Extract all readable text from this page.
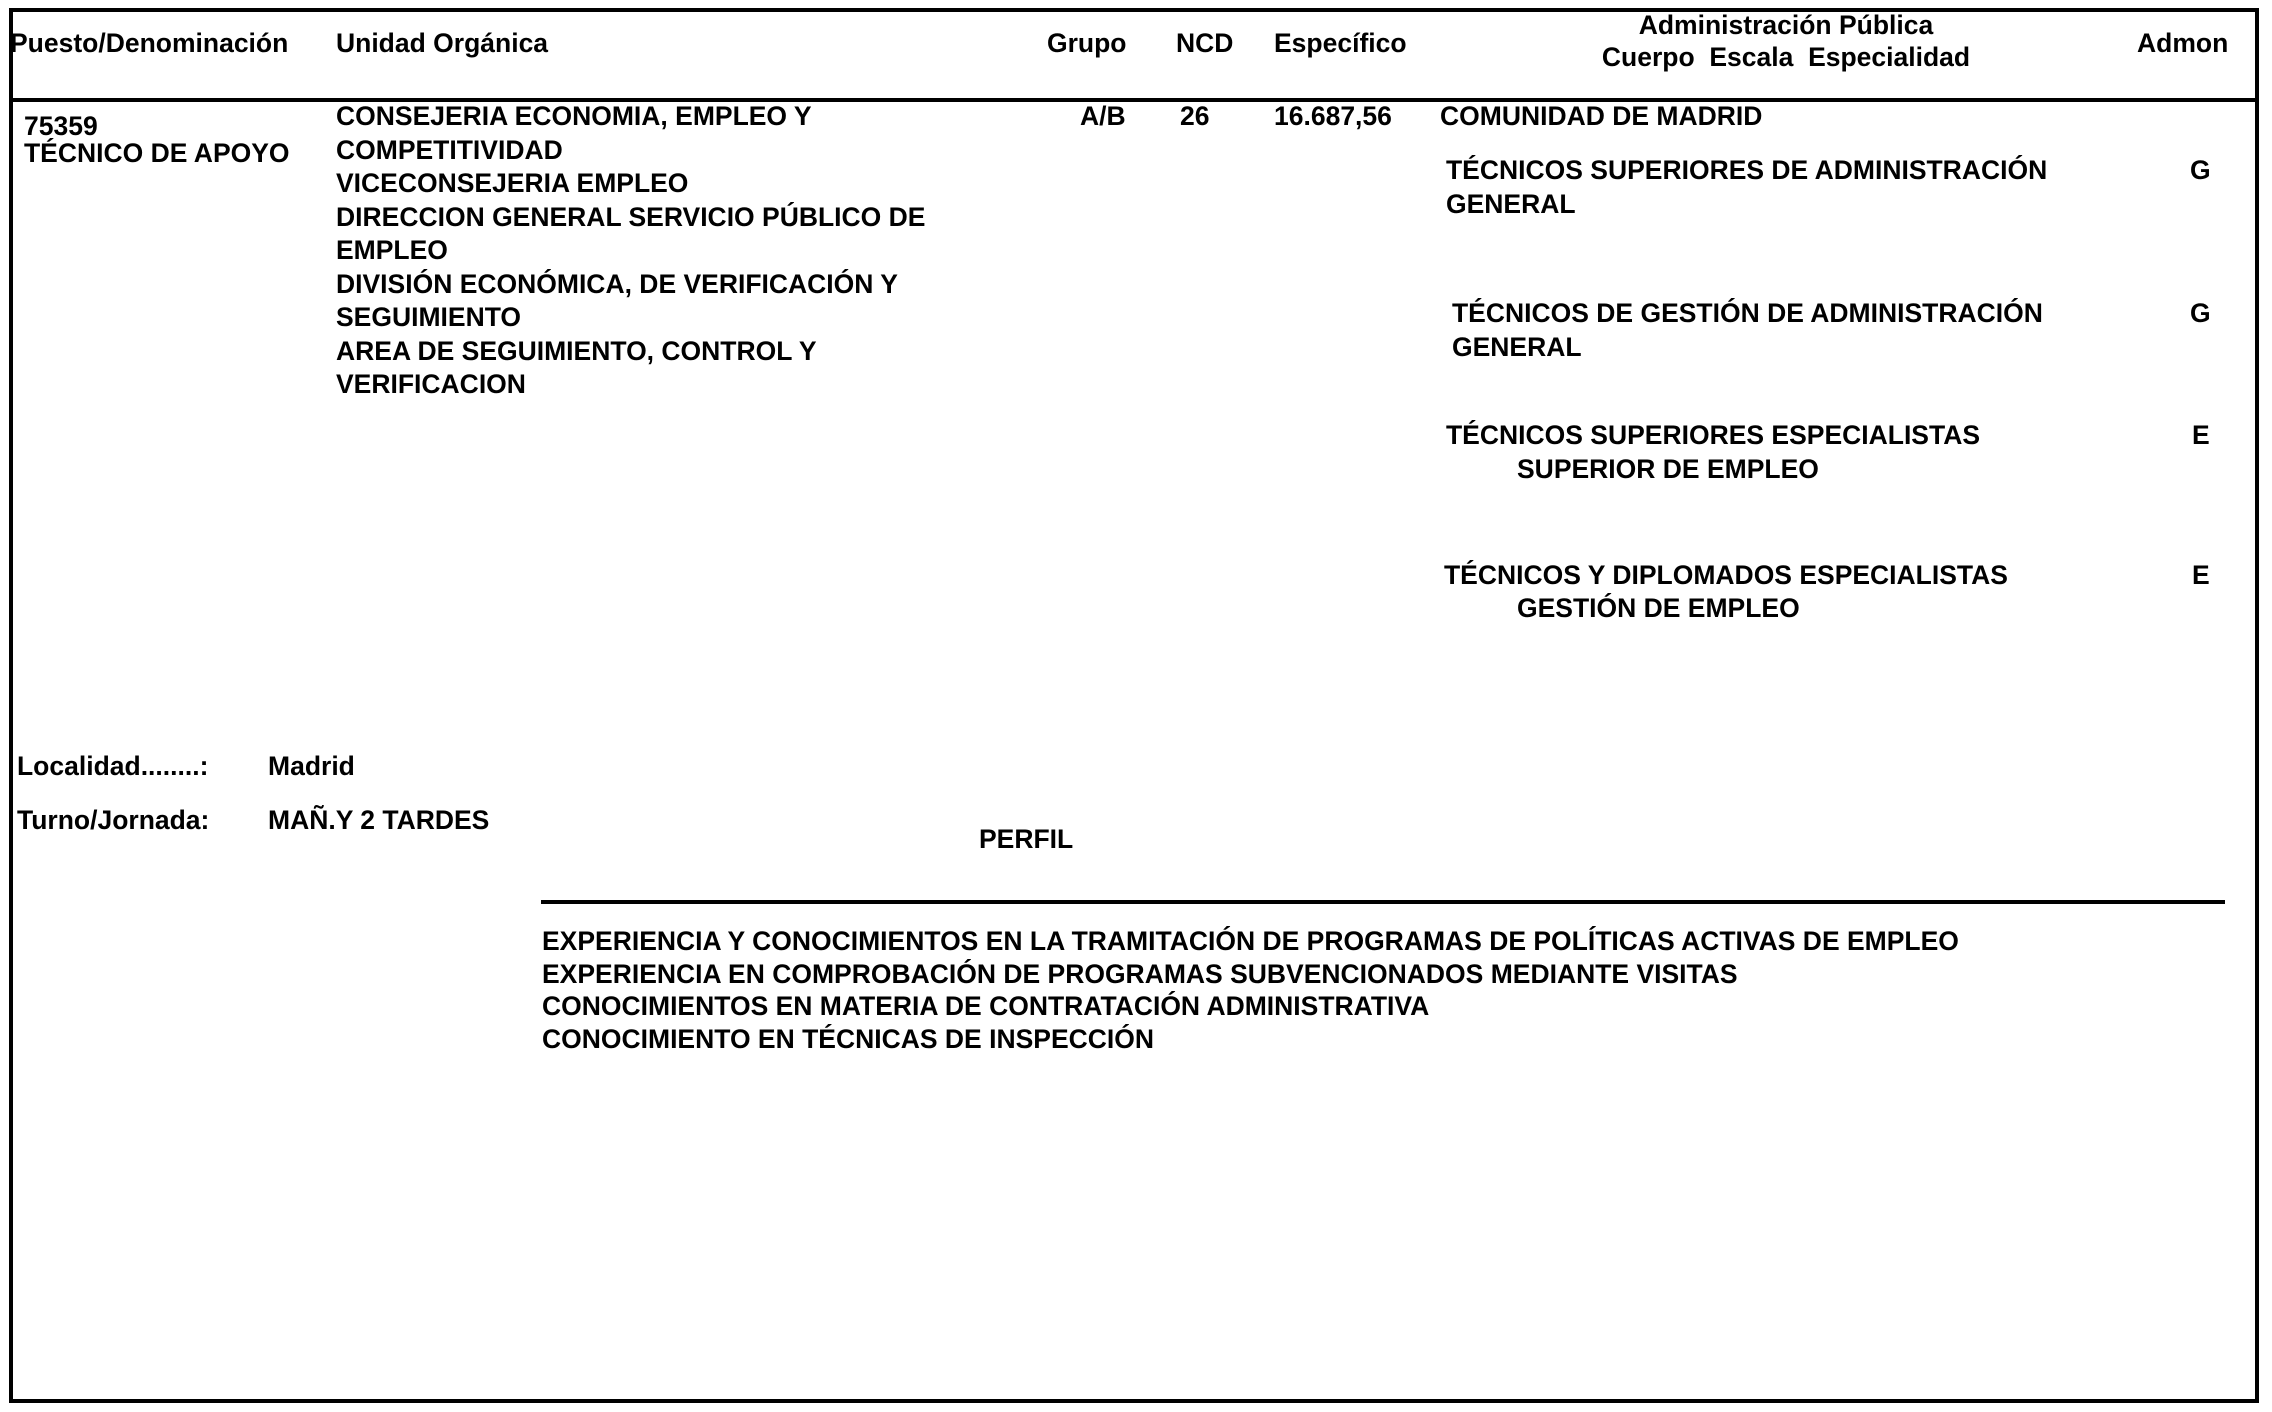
Puesto/Denominación Unidad Orgánica	Grupo NCD Específico
Administración Pública
Cuerpo  Escala  Especialidad	Admon
75359
TÉCNICO DE APOYO
CONSEJERIA ECONOMIA, EMPLEO Y
COMPETITIVIDAD
VICECONSEJERIA EMPLEO
DIRECCION GENERAL SERVICIO PÚBLICO DE
EMPLEO
DIVISIÓN ECONÓMICA, DE VERIFICACIÓN Y
SEGUIMIENTO
AREA DE SEGUIMIENTO, CONTROL Y
VERIFICACION
A/B 26 16.687,56 COMUNIDAD DE MADRID
TÉCNICOS SUPERIORES DE ADMINISTRACIÓN
GENERAL
G
TÉCNICOS DE GESTIÓN DE ADMINISTRACIÓN
GENERAL
G
TÉCNICOS SUPERIORES ESPECIALISTAS
SUPERIOR DE EMPLEO
E
TÉCNICOS Y DIPLOMADOS ESPECIALISTAS
GESTIÓN DE EMPLEO
E
Localidad........: Madrid
Turno/Jornada: MAÑ.Y 2 TARDES
PERFIL
EXPERIENCIA Y CONOCIMIENTOS EN LA TRAMITACIÓN DE PROGRAMAS DE POLÍTICAS ACTIVAS DE EMPLEO
EXPERIENCIA EN COMPROBACIÓN DE PROGRAMAS SUBVENCIONADOS MEDIANTE VISITAS
CONOCIMIENTOS EN MATERIA DE CONTRATACIÓN ADMINISTRATIVA
CONOCIMIENTO EN TÉCNICAS DE INSPECCIÓN
